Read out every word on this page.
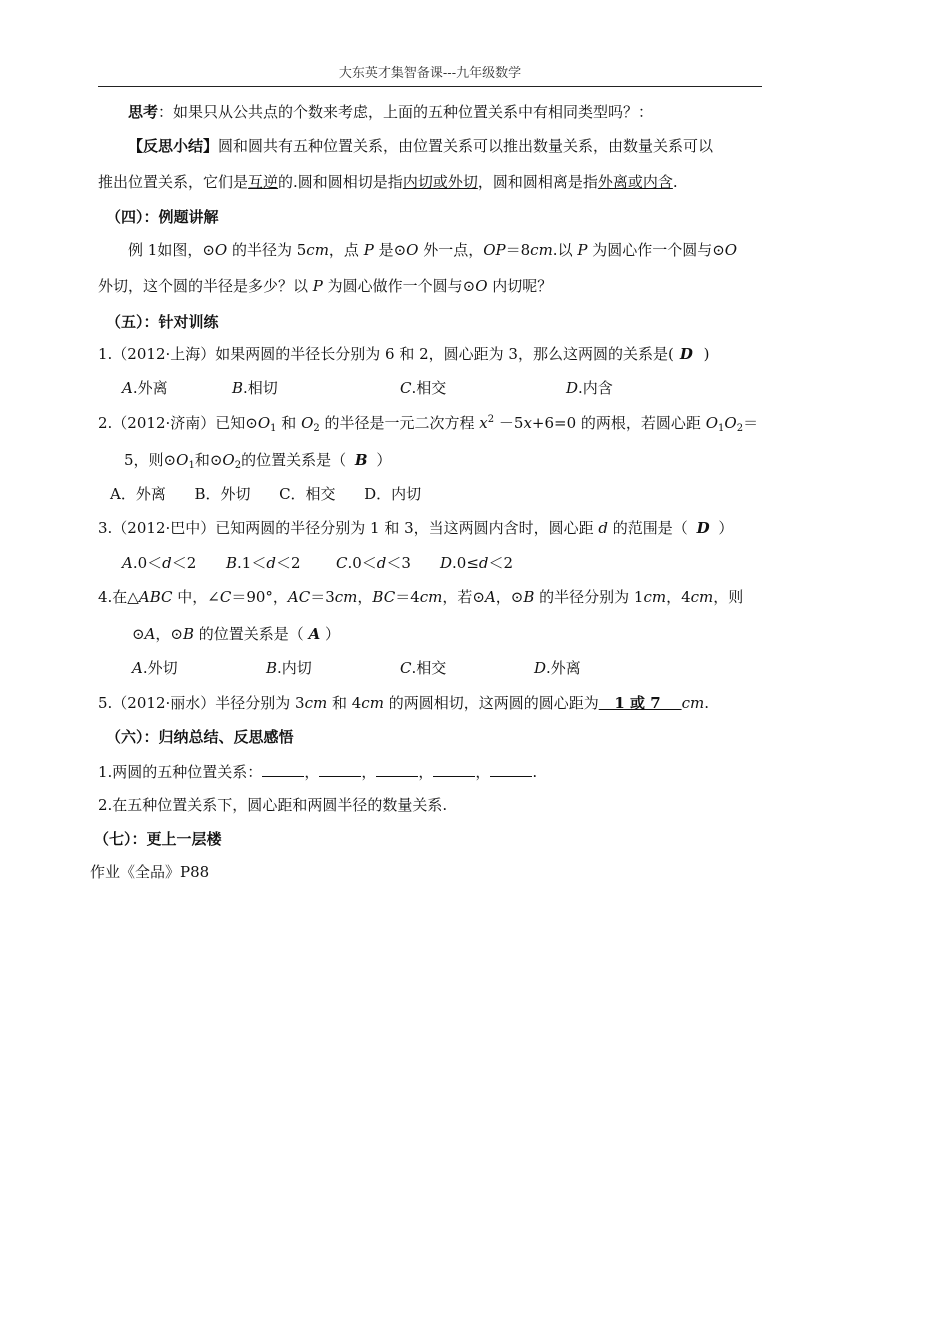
大东英才集智备课---九年级数学
思考：如果只从公共点的个数来考虑，上面的五种位置关系中有相同类型吗？：
【反思小结】圆和圆共有五种位置关系，由位置关系可以推出数量关系，由数量关系可以
推出位置关系，它们是互逆的.圆和圆相切是指内切或外切，圆和圆相离是指外离或内含.
（四）：例题讲解
例 1如图，⊙O 的半径为 5cm，点 P 是⊙O 外一点，OP＝8cm.以 P 为圆心作一个圆与⊙O
外切，这个圆的半径是多少？以 P 为圆心做作一个圆与⊙O 内切呢？
（五）：针对训练
1.（2012·上海）如果两圆的半径长分别为 6 和 2，圆心距为 3，那么这两圆的关系是( D )
A.外离	B.相切	C.相交	D.内含
2.（2012·济南）已知$⊙O_1$ 和 $O_2$ 的半径是一元二次方程 $x^2 -5x+6=0$ 的两根，若圆心距 $O_1O_2=$
5，则$⊙O_1$和$⊙O_2$的位置关系是（ B ）
A．外离      B．外切      C．相交      D．内切
3.（2012·巴中）已知两圆的半径分别为 1 和 3，当这两圆内含时，圆心距 d 的范围是（ D ）
A.0＜d＜2 B.1＜d＜2 C.0＜d＜3 D.0≤d＜2
4.在△ABC 中，∠C＝90°，AC＝3cm，BC＝4cm，若⊙A，⊙B 的半径分别为 1cm，4cm，则
⊙A，⊙B 的位置关系是（ A ）
A.外切	B.内切	C.相交	D.外离
5.（2012·丽水）半径分别为 3cm 和 4cm 的两圆相切，这两圆的圆心距为   1 或 7    cm.
（六）：归纳总结、反思感悟
1.两圆的五种位置关系：	，	，	，	，	.
2.在五种位置关系下，圆心距和两圆半径的数量关系.
（七）：更上一层楼
作业《全品》P88
